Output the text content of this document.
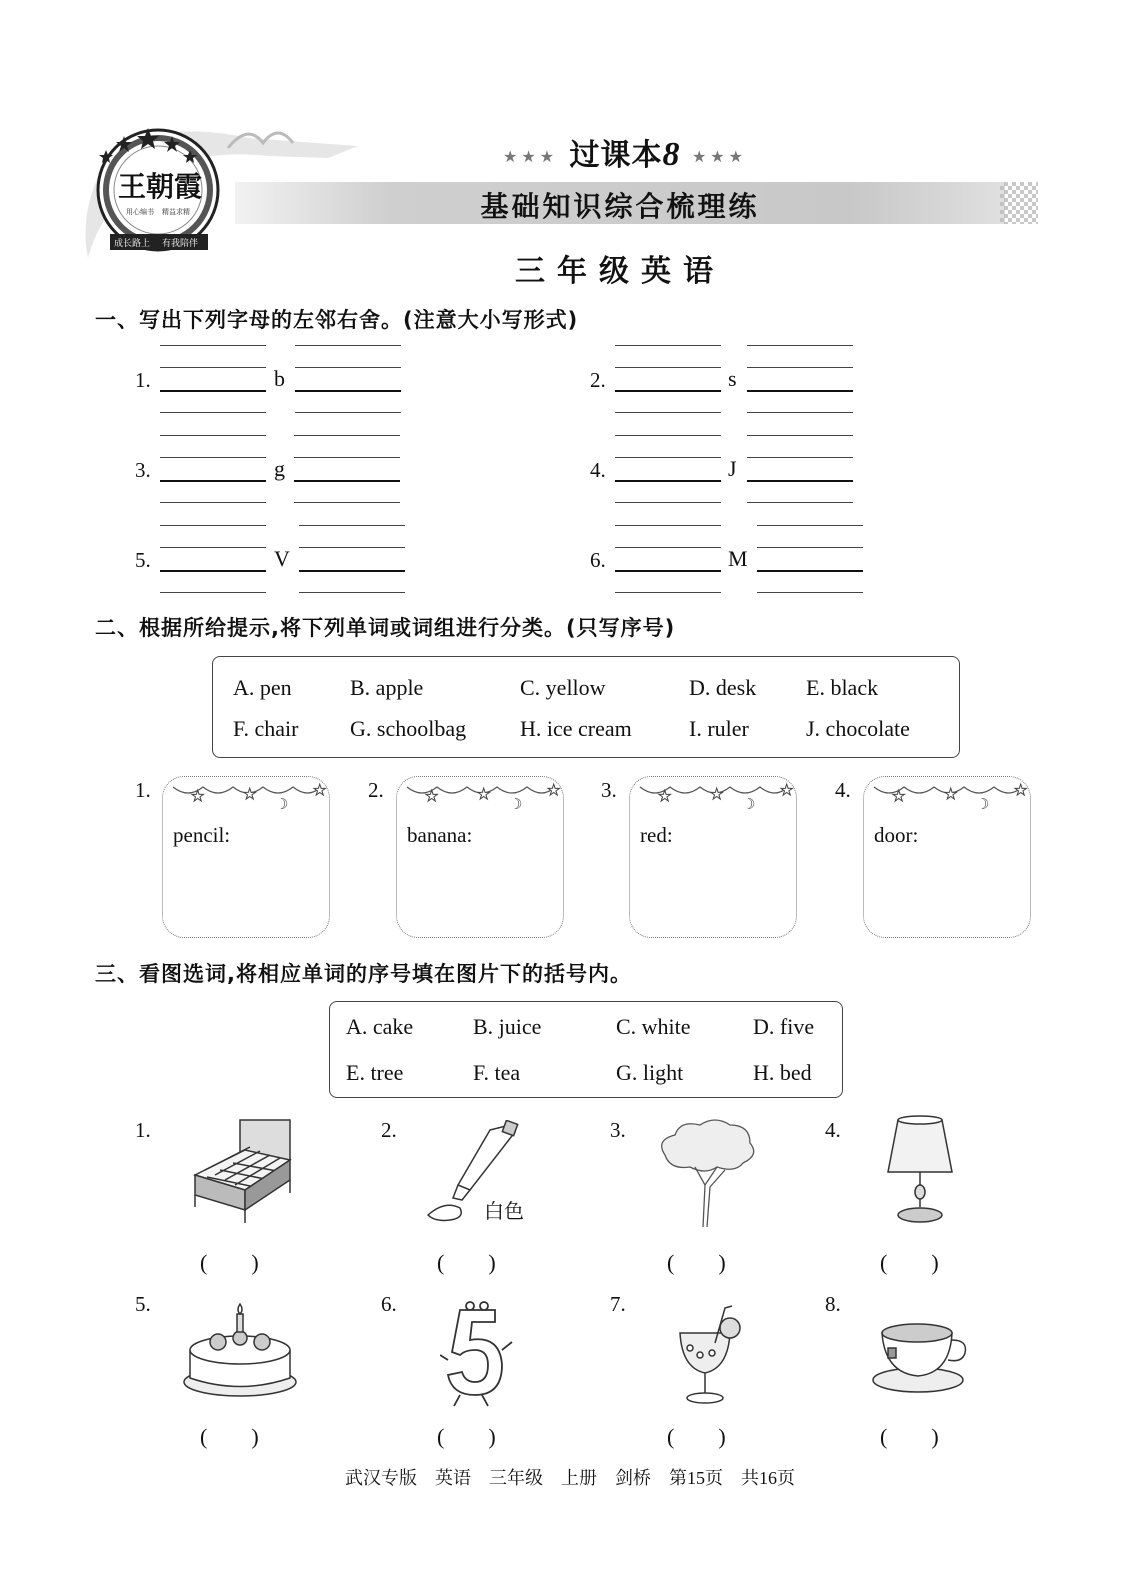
王朝霞
用心编书 精益求精
成长路上 有我陪伴
★★★ 过课本8 ★★★
基础知识综合梳理练
三年级英语
一、写出下列字母的左邻右舍。(注意大小写形式)
1.	b	2.	s
3.	g	4.	J
5.	V	6.	M
二、根据所给提示,将下列单词或词组进行分类。(只写序号)
A. pen	B. apple	C. yellow	D. desk E. black
F. chair G. schoolbag H. ice cream	I. ruler	J. chocolate
1.	★	★	★
☽
pencil:
2.	★	★	★
☽
banana:
3.	★	★	★
☽
red:
4.	★	★	★
☽
door:
三、看图选词,将相应单词的序号填在图片下的括号内。
A. cake	B. juice	C. white	D. five
E. tree	F. tea	G. light	H. bed
1.	2.	3.	4.
5.	6.	7.	8.
白色
(　　)	(　　)	(　　)	(　　)
(　　)	(　　)	(　　)	(　　)
武汉专版　英语　三年级　上册　剑桥　第15页　共16页
